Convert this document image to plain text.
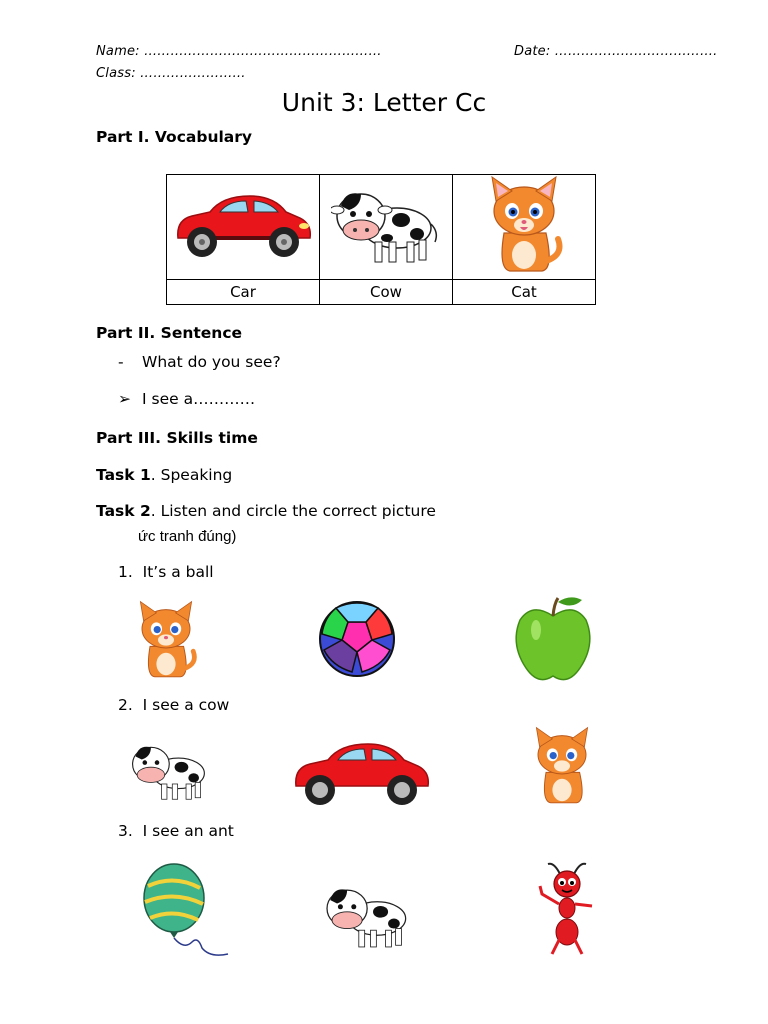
Name: ………………………………………………	Date: ……………………………….
Class: ……………………
Unit 3: Letter Cc
Part I. Vocabulary

Car	Cow	Cat
Part II. Sentence
- What do you see?
➢ I see a…………
Part III. Skills time
Task 1. Speaking
Task 2. Listen and circle the correct picture
ức tranh đúng)
1. It’s a ball
2. I see a cow
3. I see an ant
